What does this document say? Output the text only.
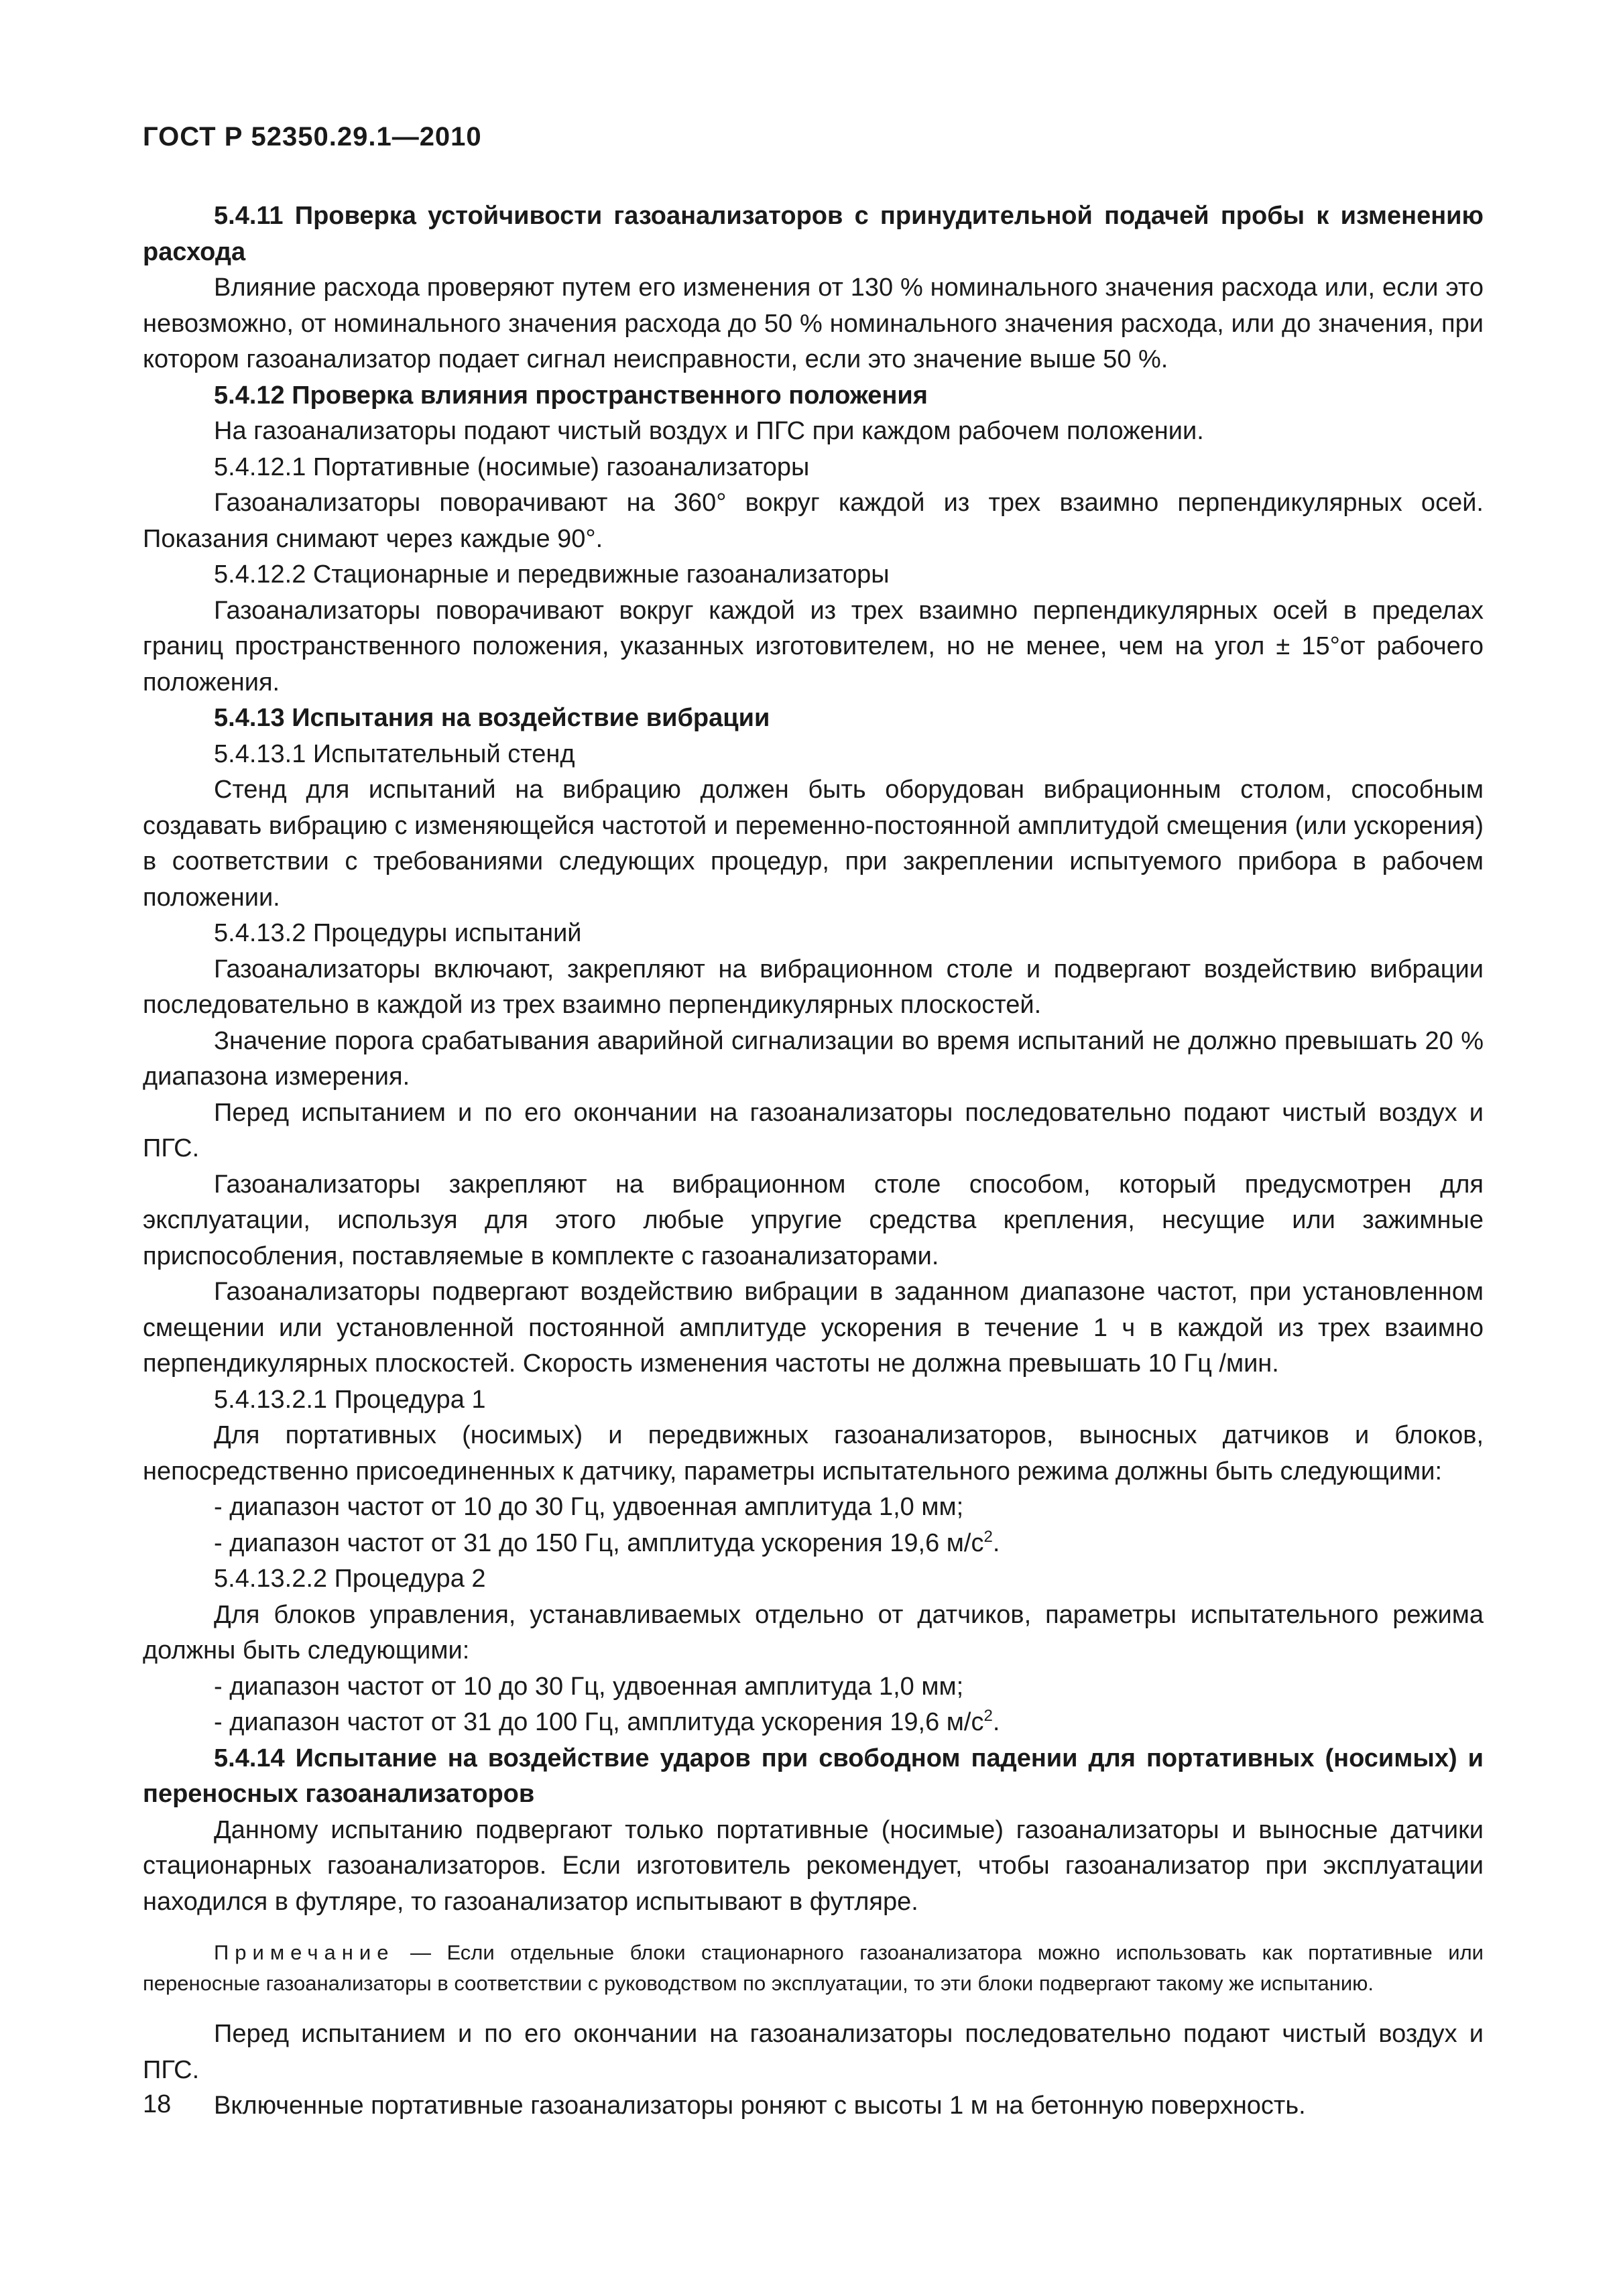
ГОСТ Р 52350.29.1—2010

5.4.11 Проверка устойчивости газоанализаторов с принудительной подачей пробы к изменению расхода

Влияние расхода проверяют путем его изменения от 130 % номинального значения расхода или, если это невозможно, от номинального значения расхода до 50 % номинального значения расхода, или до значения, при котором газоанализатор подает сигнал неисправности, если это значение выше 50 %.

5.4.12 Проверка влияния пространственного положения

На газоанализаторы подают чистый воздух и ПГС при каждом рабочем положении.

5.4.12.1 Портативные (носимые) газоанализаторы

Газоанализаторы поворачивают на 360° вокруг каждой из трех взаимно перпендикулярных осей. Показания снимают через каждые 90°.

5.4.12.2 Стационарные и передвижные газоанализаторы

Газоанализаторы поворачивают вокруг каждой из трех взаимно перпендикулярных осей в пределах границ пространственного положения, указанных изготовителем, но не менее, чем на угол ± 15°от рабочего положения.

5.4.13 Испытания на воздействие вибрации

5.4.13.1 Испытательный стенд

Стенд для испытаний на вибрацию должен быть оборудован вибрационным столом, способным создавать вибрацию с изменяющейся частотой и переменно-постоянной амплитудой смещения (или ускорения) в соответствии с требованиями следующих процедур, при закреплении испытуемого прибора в рабочем положении.

5.4.13.2 Процедуры испытаний

Газоанализаторы включают, закрепляют на вибрационном столе и подвергают воздействию вибрации последовательно в каждой из трех взаимно перпендикулярных плоскостей.

Значение порога срабатывания аварийной сигнализации во время испытаний не должно превышать 20 % диапазона измерения.

Перед испытанием и по его окончании на газоанализаторы последовательно подают чистый воздух и ПГС.

Газоанализаторы закрепляют на вибрационном столе способом, который предусмотрен для эксплуатации, используя для этого любые упругие средства крепления, несущие или зажимные приспособления, поставляемые в комплекте с газоанализаторами.

Газоанализаторы подвергают воздействию вибрации в заданном диапазоне частот, при установленном смещении или установленной постоянной амплитуде ускорения в течение 1 ч в каждой из трех взаимно перпендикулярных плоскостей. Скорость изменения частоты не должна превышать 10 Гц /мин.

5.4.13.2.1 Процедура 1

Для портативных (носимых) и передвижных газоанализаторов, выносных датчиков и блоков, непосредственно присоединенных к датчику, параметры испытательного режима должны быть следующими:

- диапазон частот от 10 до 30 Гц, удвоенная амплитуда 1,0 мм;

- диапазон частот от 31 до 150 Гц, амплитуда ускорения 19,6 $м/с^2$.

5.4.13.2.2 Процедура 2

Для блоков управления, устанавливаемых отдельно от датчиков, параметры испытательного режима должны быть следующими:

- диапазон частот от 10 до 30 Гц, удвоенная амплитуда 1,0 мм;

- диапазон частот от 31 до 100 Гц, амплитуда ускорения 19,6 $м/с^2$.

5.4.14 Испытание на воздействие ударов при свободном падении для портативных (носимых) и переносных газоанализаторов

Данному испытанию подвергают только портативные (носимые) газоанализаторы и выносные датчики стационарных газоанализаторов. Если изготовитель рекомендует, чтобы газоанализатор при эксплуатации находился в футляре, то газоанализатор испытывают в футляре.

Примечание — Если отдельные блоки стационарного газоанализатора можно использовать как портативные или переносные газоанализаторы в соответствии с руководством по эксплуатации, то эти блоки подвергают такому же испытанию.

Перед испытанием и по его окончании на газоанализаторы последовательно подают чистый воздух и ПГС.

Включенные портативные газоанализаторы роняют с высоты 1 м на бетонную поверхность.

18
